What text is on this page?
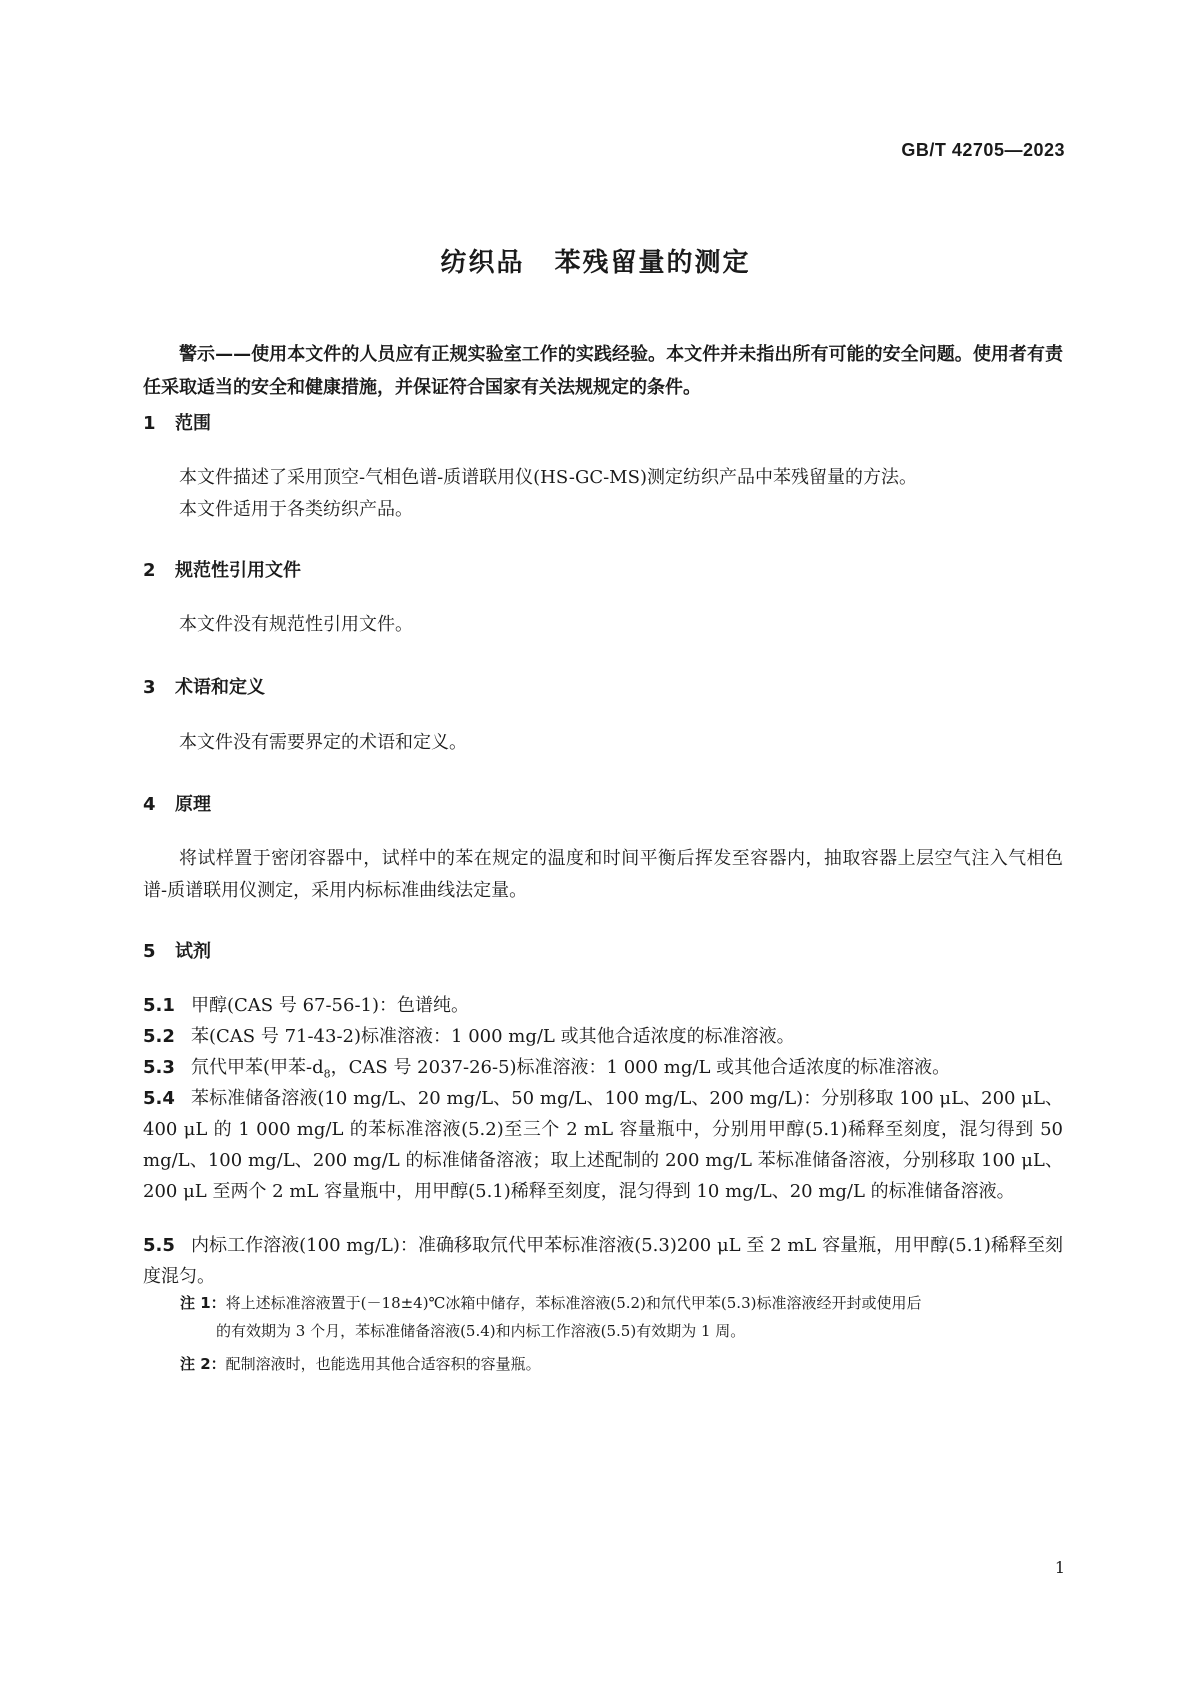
GB/T 42705—2023
纺织品 苯残留量的测定
警示——使用本文件的人员应有正规实验室工作的实践经验。本文件并未指出所有可能的安全问题。使用者有责任采取适当的安全和健康措施，并保证符合国家有关法规规定的条件。
1 范围
本文件描述了采用顶空-气相色谱-质谱联用仪(HS-GC-MS)测定纺织产品中苯残留量的方法。
本文件适用于各类纺织产品。
2 规范性引用文件
本文件没有规范性引用文件。
3 术语和定义
本文件没有需要界定的术语和定义。
4 原理
将试样置于密闭容器中，试样中的苯在规定的温度和时间平衡后挥发至容器内，抽取容器上层空气注入气相色谱-质谱联用仪测定，采用内标标准曲线法定量。
5 试剂
5.1 甲醇(CAS 号 67-56-1)：色谱纯。
5.2 苯(CAS 号 71-43-2)标准溶液：1 000 mg/L 或其他合适浓度的标准溶液。
5.3 氘代甲苯(甲苯$-d_8$，CAS 号 2037-26-5)标准溶液：1 000 mg/L 或其他合适浓度的标准溶液。
5.4 苯标准储备溶液(10 mg/L、20 mg/L、50 mg/L、100 mg/L、200 mg/L)：分别移取 100 μL、200 μL、400 μL 的 1 000 mg/L 的苯标准溶液(5.2)至三个 2 mL 容量瓶中，分别用甲醇(5.1)稀释至刻度，混匀得到 50 mg/L、100 mg/L、200 mg/L 的标准储备溶液；取上述配制的 200 mg/L 苯标准储备溶液，分别移取 100 μL、200 μL 至两个 2 mL 容量瓶中，用甲醇(5.1)稀释至刻度，混匀得到 10 mg/L、20 mg/L 的标准储备溶液。
5.5 内标工作溶液(100 mg/L)：准确移取氘代甲苯标准溶液(5.3)200 μL 至 2 mL 容量瓶，用甲醇(5.1)稀释至刻度混匀。
注 1：将上述标准溶液置于(－18±4)℃冰箱中储存，苯标准溶液(5.2)和氘代甲苯(5.3)标准溶液经开封或使用后
的有效期为 3 个月，苯标准储备溶液(5.4)和内标工作溶液(5.5)有效期为 1 周。
注 2：配制溶液时，也能选用其他合适容积的容量瓶。
1
